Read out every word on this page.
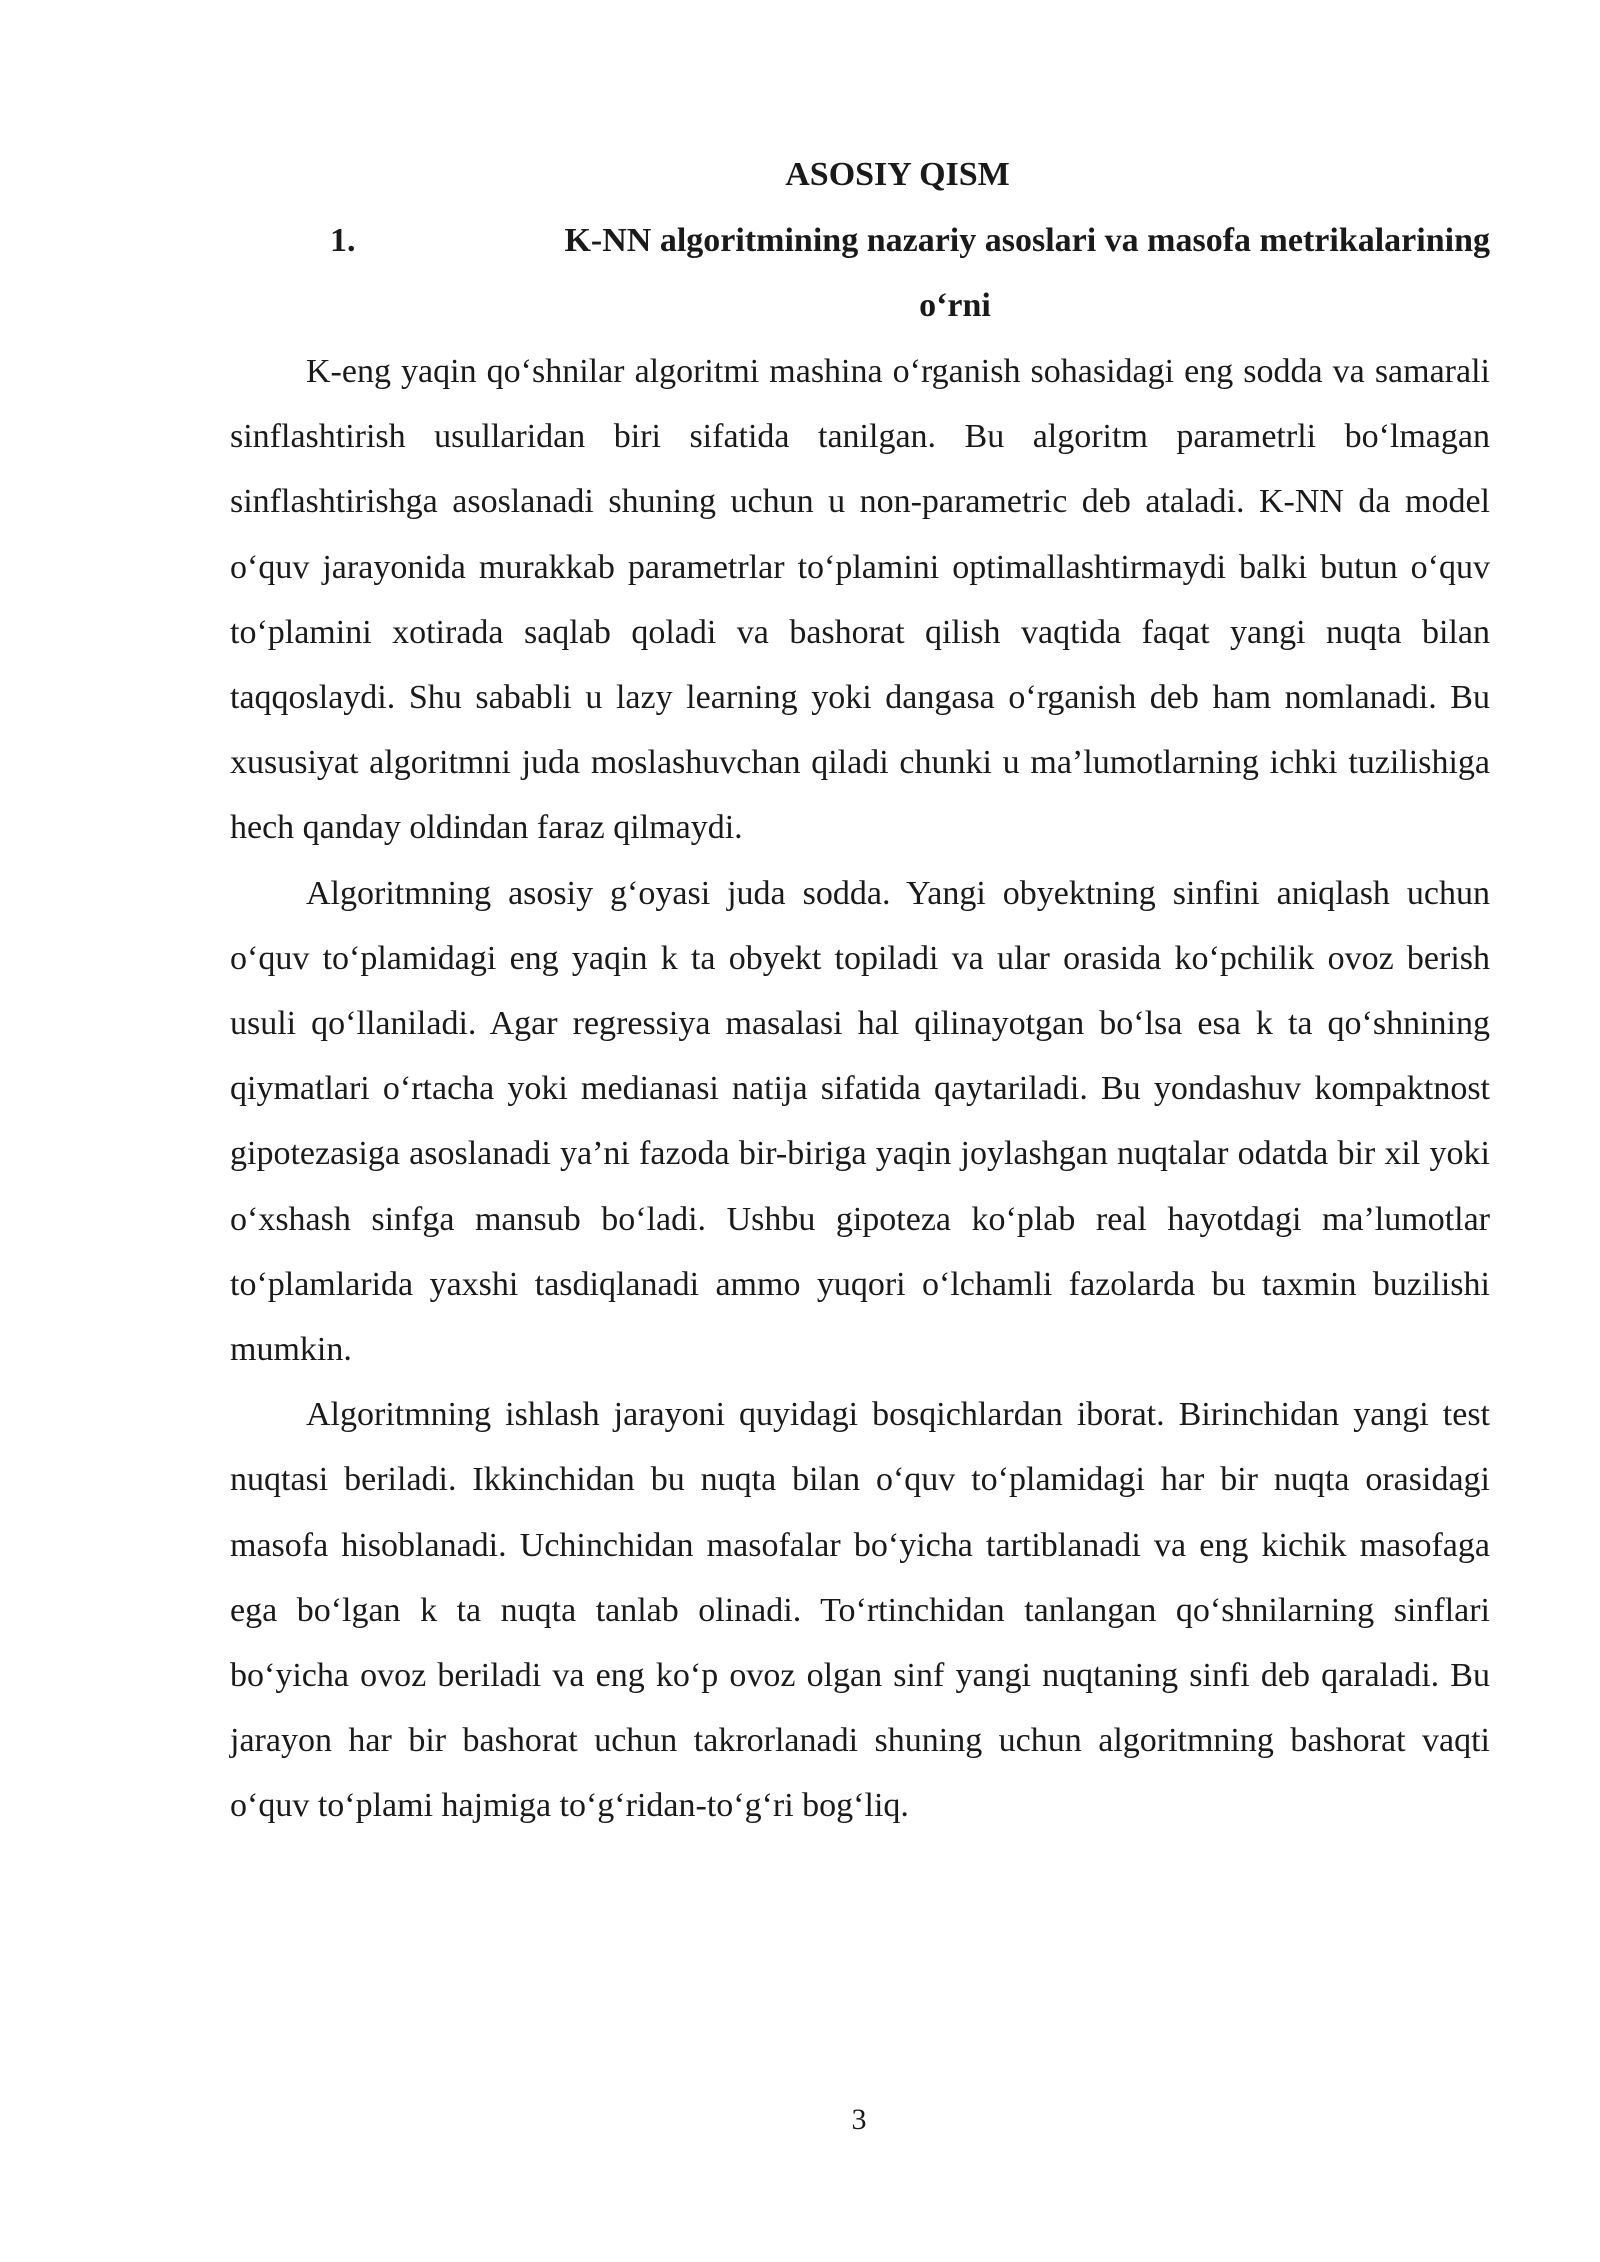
ASOSIY QISM
1.	K-NN algoritmining nazariy asoslari va masofa metrikalarining
o‘rni

K-eng yaqin qo‘shnilar algoritmi mashina o‘rganish sohasidagi eng sodda va samarali sinflashtirish usullaridan biri sifatida tanilgan. Bu algoritm parametrli bo‘lmagan sinflashtirishga asoslanadi shuning uchun u non-parametric deb ataladi. K-NN da model o‘quv jarayonida murakkab parametrlar to‘plamini optimallashtirmaydi balki butun o‘quv to‘plamini xotirada saqlab qoladi va bashorat qilish vaqtida faqat yangi nuqta bilan taqqoslaydi. Shu sababli u lazy learning yoki dangasa o‘rganish deb ham nomlanadi. Bu xususiyat algoritmni juda moslashuvchan qiladi chunki u ma’lumotlarning ichki tuzilishiga hech qanday oldindan faraz qilmaydi.

Algoritmning asosiy g‘oyasi juda sodda. Yangi obyektning sinfini aniqlash uchun o‘quv to‘plamidagi eng yaqin k ta obyekt topiladi va ular orasida ko‘pchilik ovoz berish usuli qo‘llaniladi. Agar regressiya masalasi hal qilinayotgan bo‘lsa esa k ta qo‘shnining qiymatlari o‘rtacha yoki medianasi natija sifatida qaytariladi. Bu yondashuv kompaktnost gipotezasiga asoslanadi ya’ni fazoda bir-biriga yaqin joylashgan nuqtalar odatda bir xil yoki o‘xshash sinfga mansub bo‘ladi. Ushbu gipoteza ko‘plab real hayotdagi ma’lumotlar to‘plamlarida yaxshi tasdiqlanadi ammo yuqori o‘lchamli fazolarda bu taxmin buzilishi mumkin.

Algoritmning ishlash jarayoni quyidagi bosqichlardan iborat. Birinchidan yangi test nuqtasi beriladi. Ikkinchidan bu nuqta bilan o‘quv to‘plamidagi har bir nuqta orasidagi masofa hisoblanadi. Uchinchidan masofalar bo‘yicha tartiblanadi va eng kichik masofaga ega bo‘lgan k ta nuqta tanlab olinadi. To‘rtinchidan tanlangan qo‘shnilarning sinflari bo‘yicha ovoz beriladi va eng ko‘p ovoz olgan sinf yangi nuqtaning sinfi deb qaraladi. Bu jarayon har bir bashorat uchun takrorlanadi shuning uchun algoritmning bashorat vaqti o‘quv to‘plami hajmiga to‘g‘ridan-to‘g‘ri bog‘liq.

3
